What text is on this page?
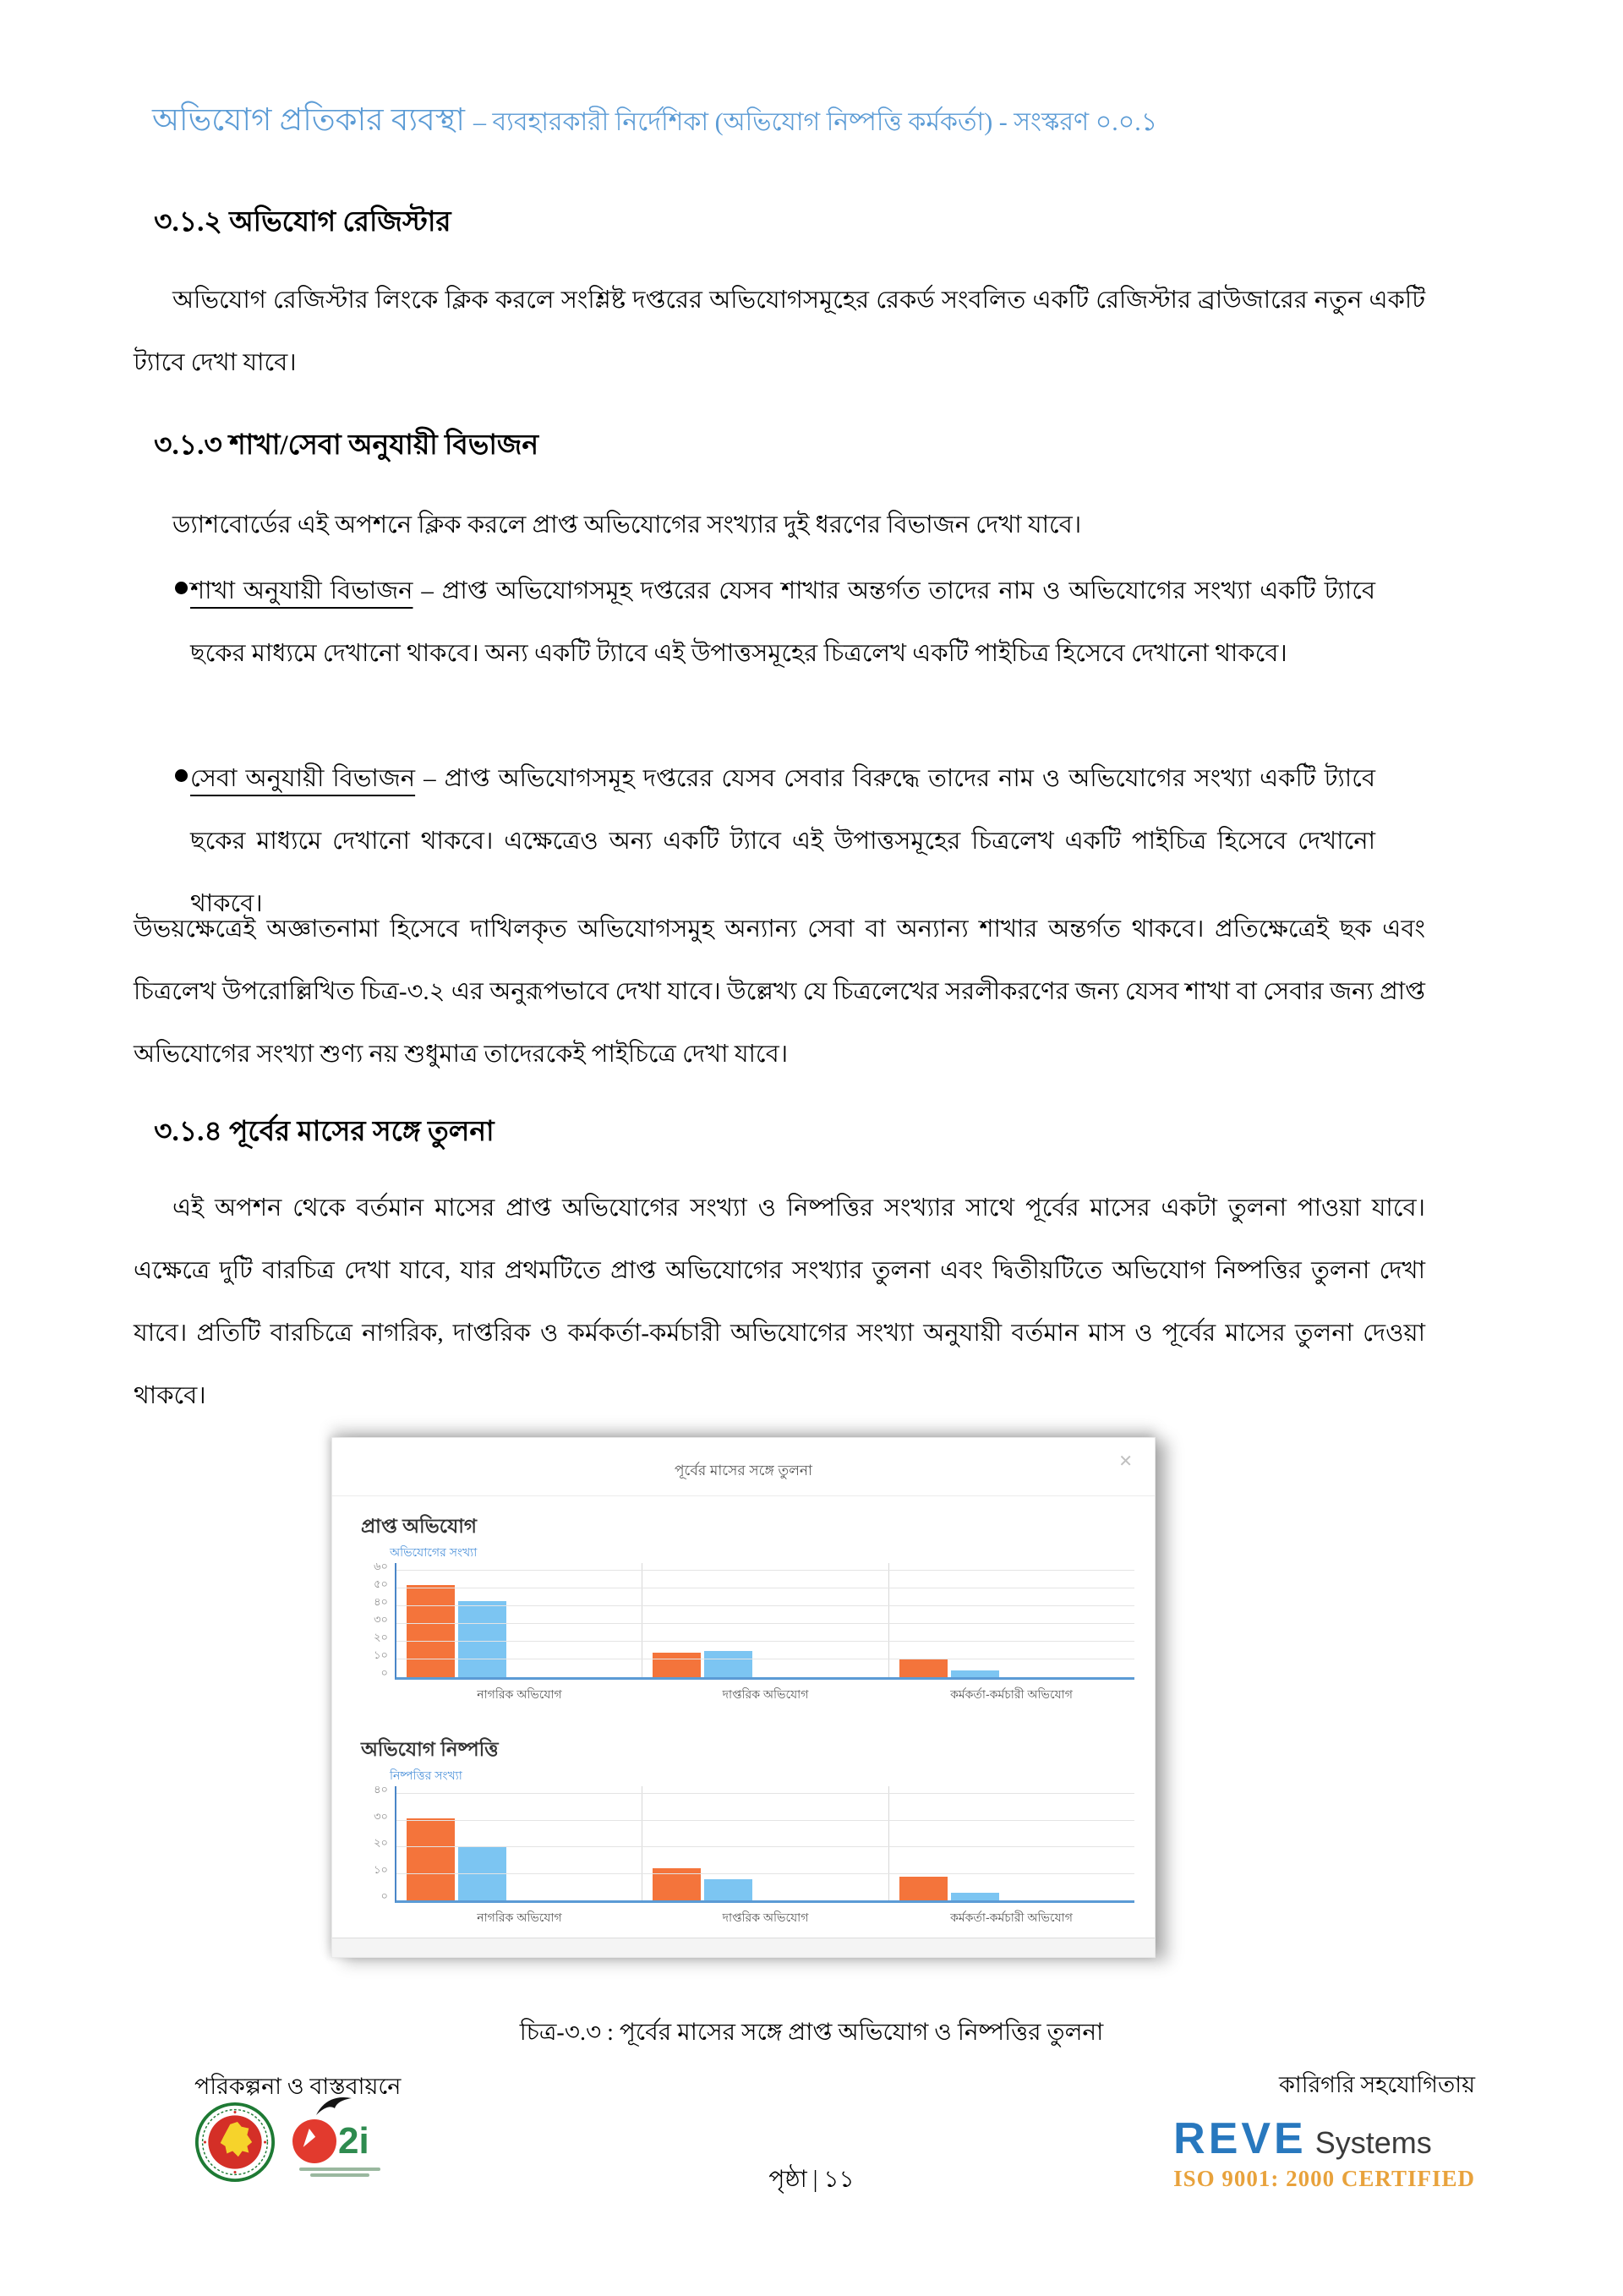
অভিযোগ প্রতিকার ব্যবস্থা – ব্যবহারকারী নির্দেশিকা (অভিযোগ নিষ্পত্তি কর্মকর্তা) - সংস্করণ ০.০.১
৩.১.২ অভিযোগ রেজিস্টার

অভিযোগ রেজিস্টার লিংকে ক্লিক করলে সংশ্লিষ্ট দপ্তরের অভিযোগসমূহের রেকর্ড সংবলিত একটি রেজিস্টার ব্রাউজারের নতুন একটি ট্যাবে দেখা যাবে।

৩.১.৩ শাখা/সেবা অনুযায়ী বিভাজন

ড্যাশবোর্ডের এই অপশনে ক্লিক করলে প্রাপ্ত অভিযোগের সংখ্যার দুই ধরণের বিভাজন দেখা যাবে।

শাখা অনুযায়ী বিভাজন – প্রাপ্ত অভিযোগসমূহ দপ্তরের যেসব শাখার অন্তর্গত তাদের নাম ও অভিযোগের সংখ্যা একটি ট্যাবে ছকের মাধ্যমে দেখানো থাকবে। অন্য একটি ট্যাবে এই উপাত্তসমূহের চিত্রলেখ একটি পাইচিত্র হিসেবে দেখানো থাকবে।
সেবা অনুযায়ী বিভাজন – প্রাপ্ত অভিযোগসমূহ দপ্তরের যেসব সেবার বিরুদ্ধে তাদের নাম ও অভিযোগের সংখ্যা একটি ট্যাবে ছকের মাধ্যমে দেখানো থাকবে। এক্ষেত্রেও অন্য একটি ট্যাবে এই উপাত্তসমূহের চিত্রলেখ একটি পাইচিত্র হিসেবে দেখানো থাকবে।

উভয়ক্ষেত্রেই অজ্ঞাতনামা হিসেবে দাখিলকৃত অভিযোগসমুহ অন্যান্য সেবা বা অন্যান্য শাখার অন্তর্গত থাকবে। প্রতিক্ষেত্রেই ছক এবং চিত্রলেখ উপরোল্লিখিত চিত্র-৩.২ এর অনুরূপভাবে দেখা যাবে। উল্লেখ্য যে চিত্রলেখের সরলীকরণের জন্য যেসব শাখা বা সেবার জন্য প্রাপ্ত অভিযোগের সংখ্যা শুণ্য নয় শুধুমাত্র তাদেরকেই পাইচিত্রে দেখা যাবে।

৩.১.৪ পূর্বের মাসের সঙ্গে তুলনা

এই অপশন থেকে বর্তমান মাসের প্রাপ্ত অভিযোগের সংখ্যা ও নিষ্পত্তির সংখ্যার সাথে পূর্বের মাসের একটা তুলনা পাওয়া যাবে। এক্ষেত্রে দুটি বারচিত্র দেখা যাবে, যার প্রথমটিতে প্রাপ্ত অভিযোগের সংখ্যার তুলনা এবং দ্বিতীয়টিতে অভিযোগ নিষ্পত্তির তুলনা দেখা যাবে। প্রতিটি বারচিত্রে নাগরিক, দাপ্তরিক ও কর্মকর্তা-কর্মচারী অভিযোগের সংখ্যা অনুযায়ী বর্তমান মাস ও পূর্বের মাসের তুলনা দেওয়া থাকবে।

পূর্বের মাসের সঙ্গে তুলনা	✕
প্রাপ্ত অভিযোগ
অভিযোগের সংখ্যা
০
১০
২০
৩০
৪০
৫০
৬০
নাগরিক অভিযোগ	দাপ্তরিক অভিযোগ	কর্মকর্তা-কর্মচারী অভিযোগ
অভিযোগ নিষ্পত্তি
নিষ্পত্তির সংখ্যা
০
১০
২০
৩০
৪০
নাগরিক অভিযোগ	দাপ্তরিক অভিযোগ	কর্মকর্তা-কর্মচারী অভিযোগ
চিত্র-৩.৩ : পূর্বের মাসের সঙ্গে প্রাপ্ত অভিযোগ ও নিষ্পত্তির তুলনা
পরিকল্পনা ও বাস্তবায়নে	কারিগরি সহযোগিতায়
2i	REVE Systems
ISO 9001: 2000 CERTIFIED
পৃষ্ঠা | ১১
